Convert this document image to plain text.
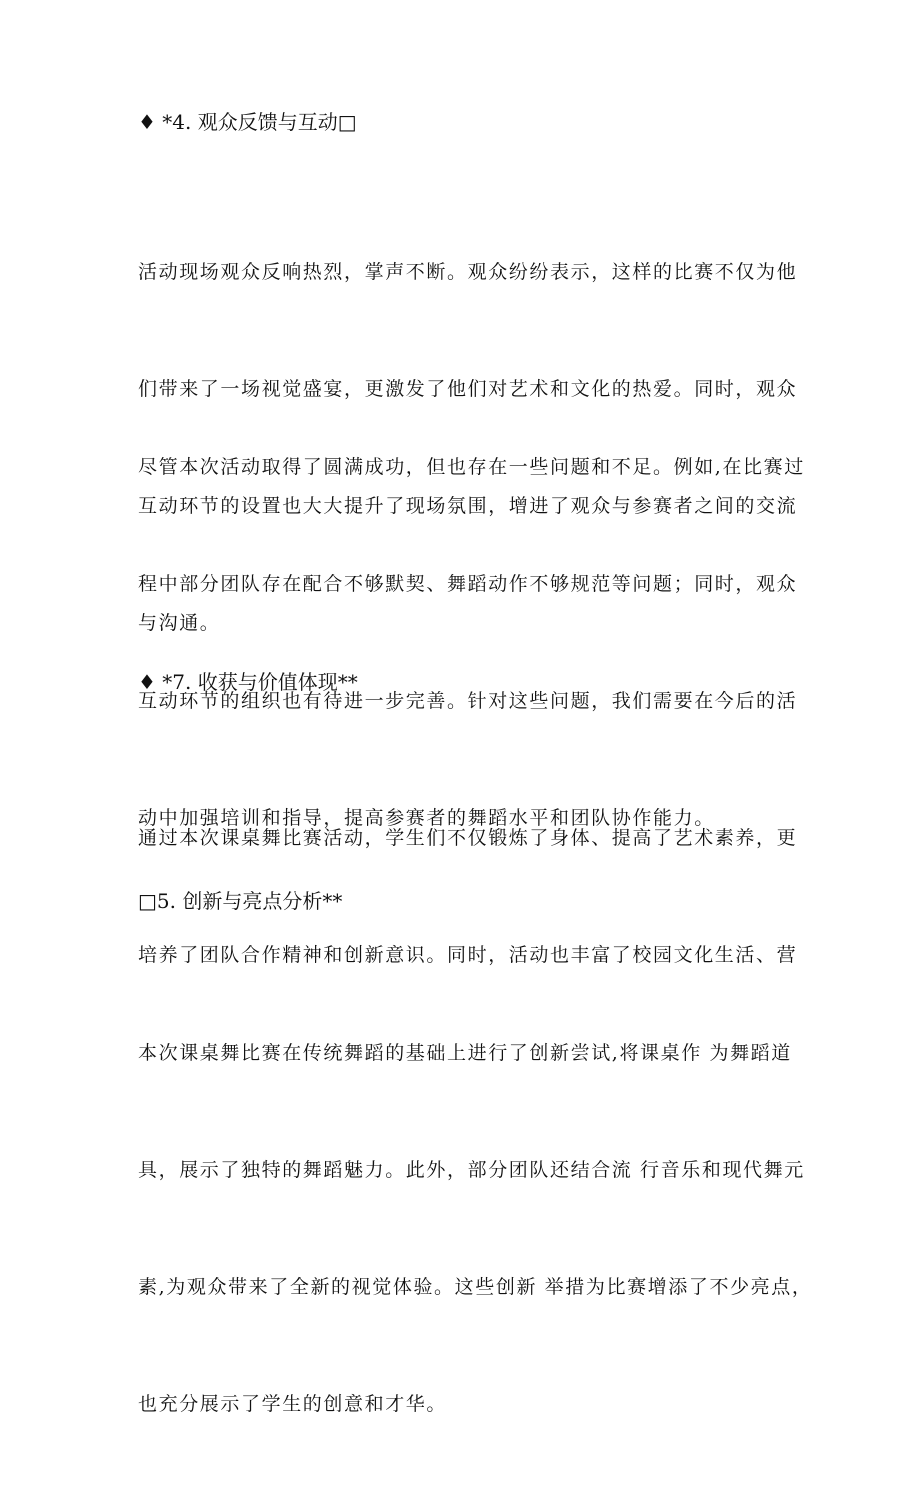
♦ *4. 观众反馈与互动□

活动现场观众反响热烈，掌声不断。观众纷纷表示，这样的比赛不仅为他

们带来了一场视觉盛宴，更激发了他们对艺术和文化的热爱。同时，观众

互动环节的设置也大大提升了现场氛围，增进了观众与参赛者之间的交流

与沟通。

尽管本次活动取得了圆满成功，但也存在一些问题和不足。例如,在比赛过

程中部分团队存在配合不够默契、舞蹈动作不够规范等问题；同时，观众

互动环节的组织也有待进一步完善。针对这些问题，我们需要在今后的活

动中加强培训和指导，提高参赛者的舞蹈水平和团队协作能力。

♦ *7. 收获与价值体现**

通过本次课桌舞比赛活动，学生们不仅锻炼了身体、提高了艺术素养，更

培养了团队合作精神和创新意识。同时，活动也丰富了校园文化生活、营

□5. 创新与亮点分析**

本次课桌舞比赛在传统舞蹈的基础上进行了创新尝试,将课桌作 为舞蹈道

具，展示了独特的舞蹈魅力。此外，部分团队还结合流 行音乐和现代舞元

素,为观众带来了全新的视觉体验。这些创新 举措为比赛增添了不少亮点，

也充分展示了学生的创意和才华。
